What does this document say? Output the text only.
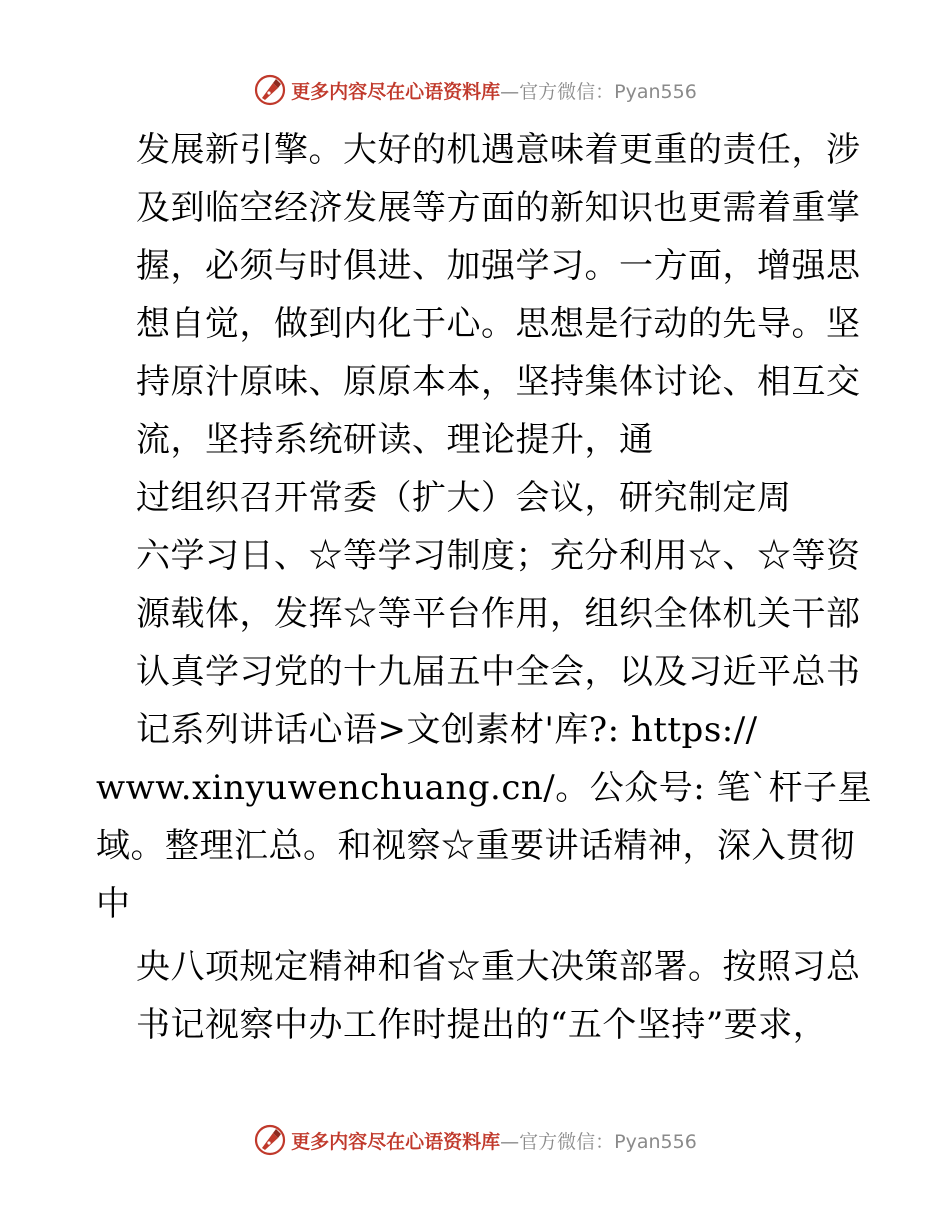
更多内容尽在心语资料库—官方微信：Pyan556
发展新引擎。大好的机遇意味着更重的责任，涉
及到临空经济发展等方面的新知识也更需着重掌
握，必须与时俱进、加强学习。一方面，增强思
想自觉，做到内化于心。思想是行动的先导。坚
持原汁原味、原原本本，坚持集体讨论、相互交
流，坚持系统研读、理论提升，通
过组织召开常委（扩大）会议，研究制定周
六学习日、☆等学习制度；充分利用☆、☆等资
源载体，发挥☆等平台作用，组织全体机关干部
认真学习党的十九届五中全会，以及习近平总书
记系列讲话心语>文创素材'库?: https://
www.xinyuwenchuang.cn/。公众号: 笔`杆子星
域。整理汇总。和视察☆重要讲话精神，深入贯彻
中
央八项规定精神和省☆重大决策部署。按照习总
书记视察中办工作时提出的“五个坚持”要求，
更多内容尽在心语资料库—官方微信：Pyan556
